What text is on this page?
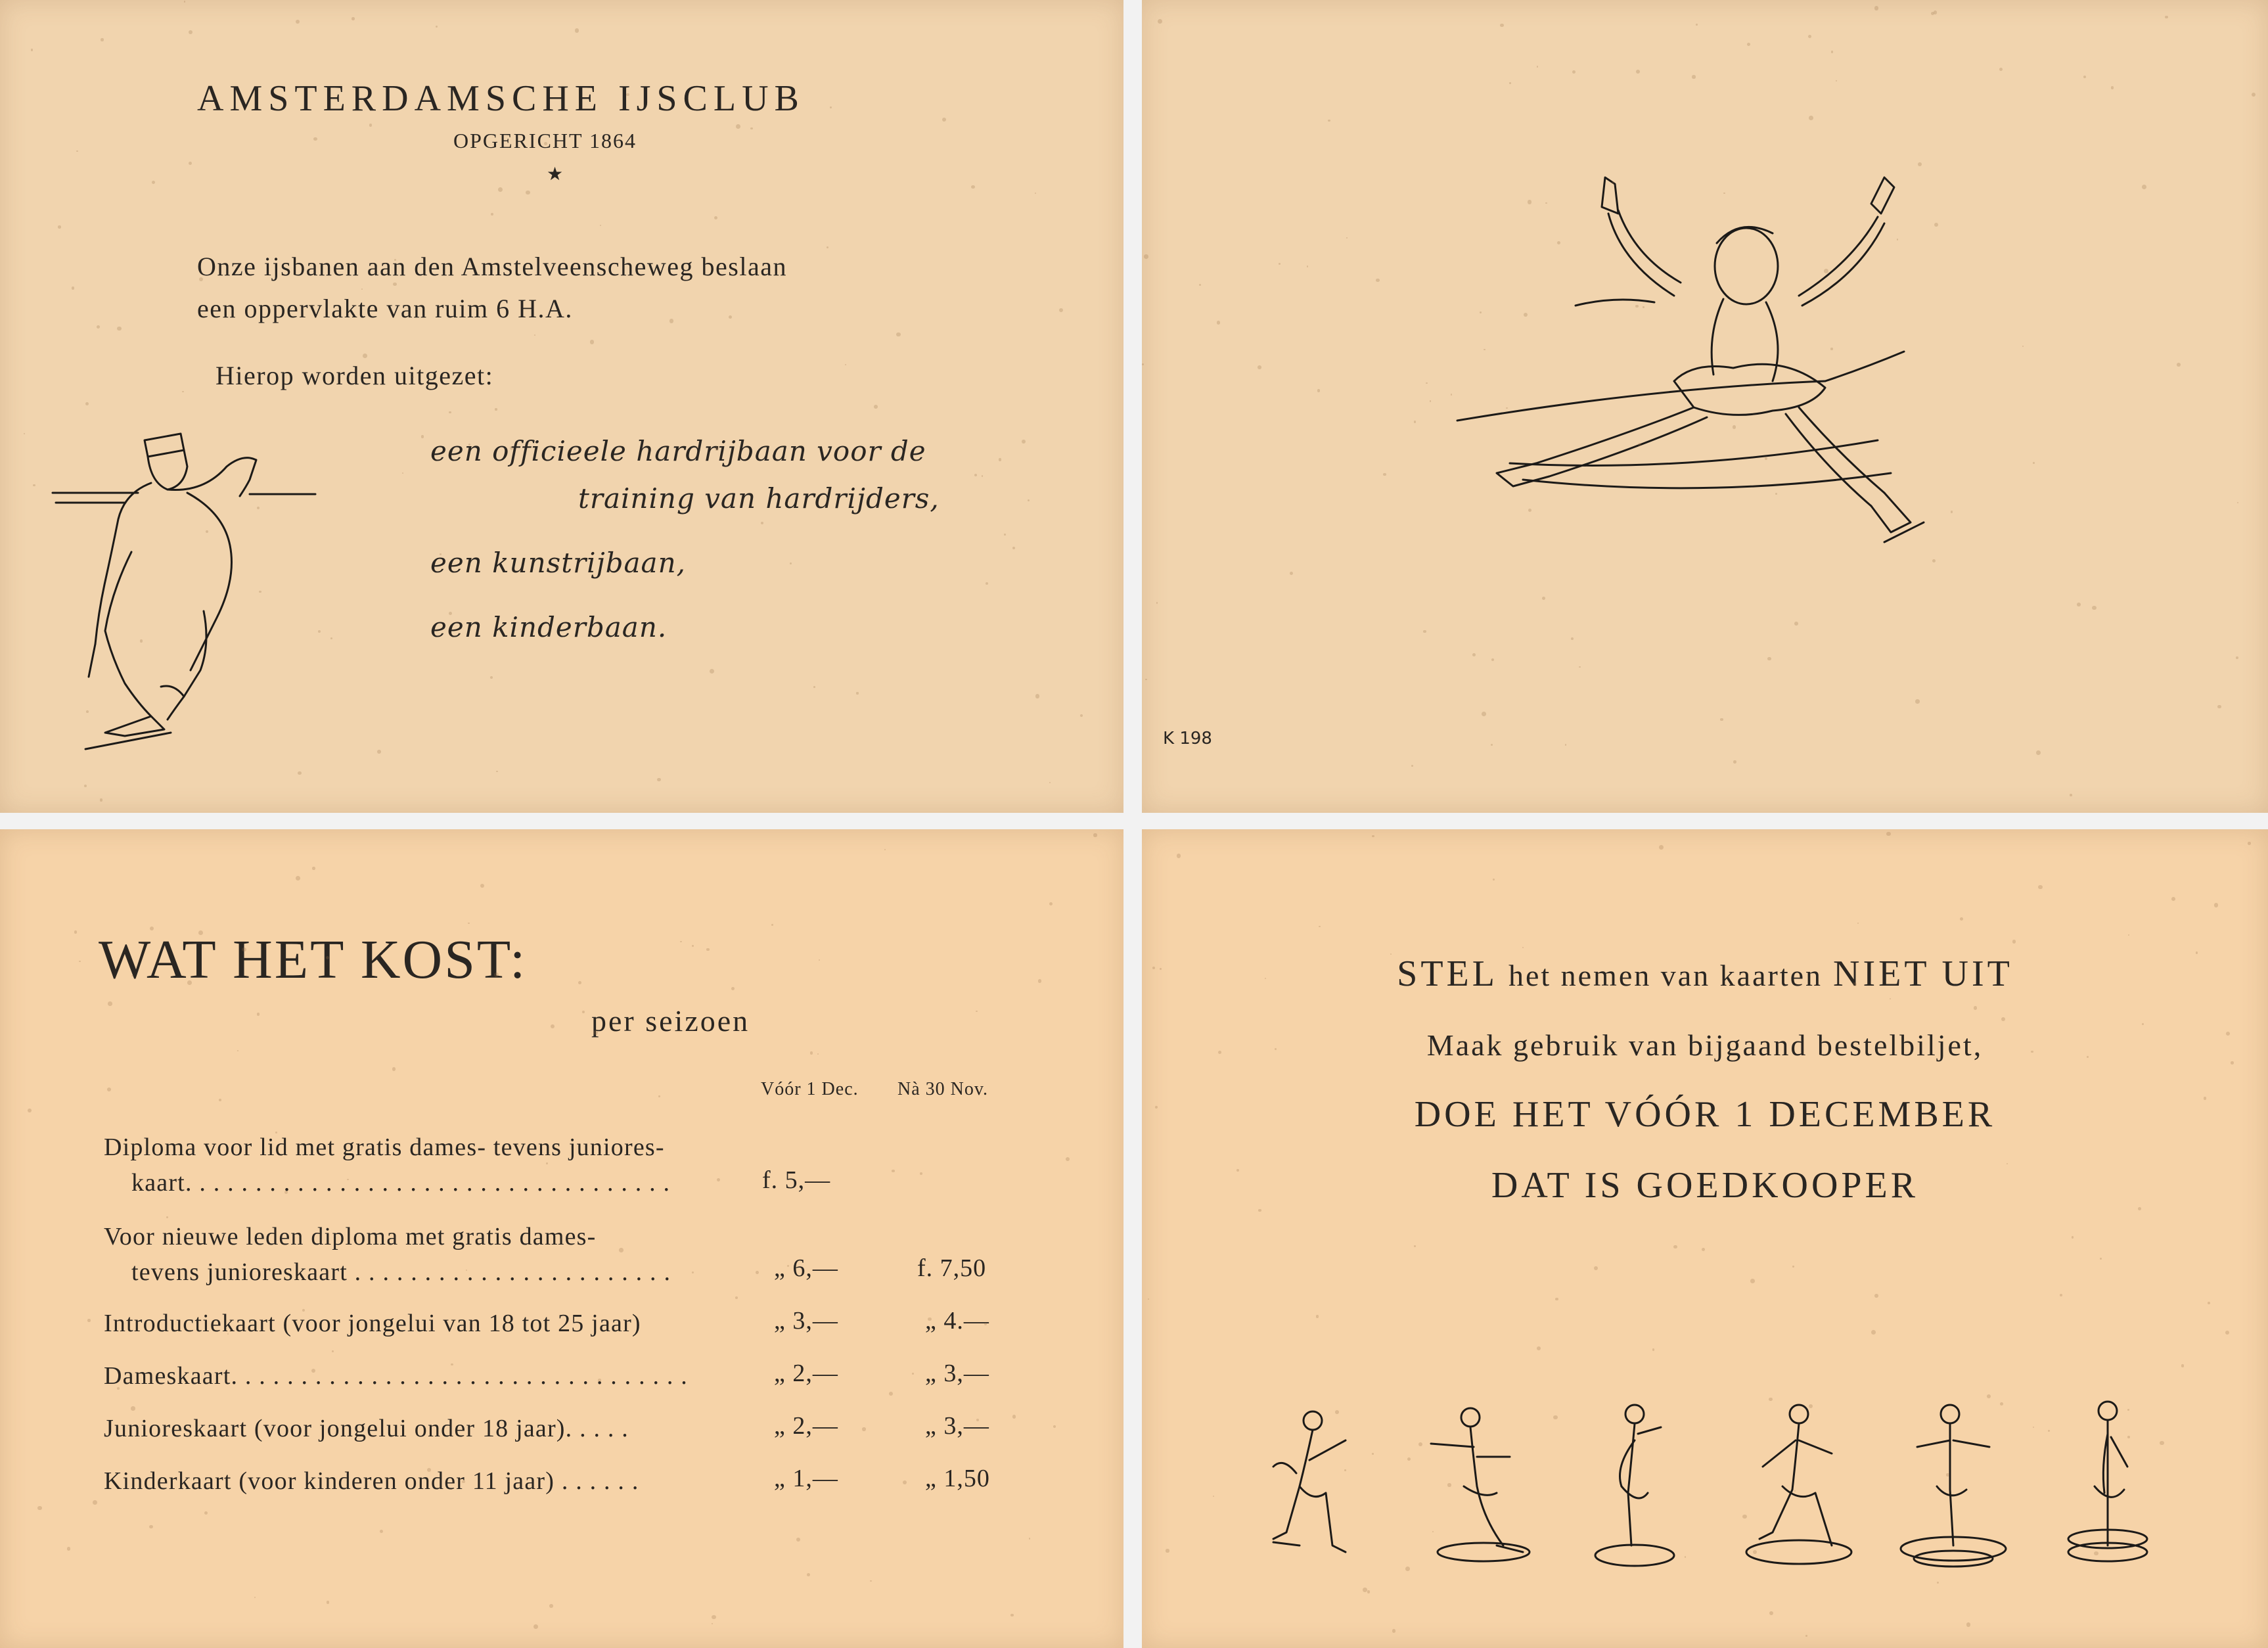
AMSTERDAMSCHE IJSCLUB
OPGERICHT 1864
★
Onze ijsbanen aan den Amstelveenscheweg beslaan
een oppervlakte van ruim 6 H.A.
Hierop worden uitgezet:
een officieele hardrijbaan voor de
training van hardrijders,
een kunstrijbaan,
een kinderbaan.
K 198
WAT HET KOST:
per seizoen
Vóór 1 Dec. Nà 30 Nov.
Diploma voor lid met gratis dames- tevens juniores-
kaart. . . . . . . . . . . . . . . . . . . . . . . . . . . . . . . . . . .	f. 5,—
Voor nieuwe leden diploma met gratis dames-
tevens junioreskaart . . . . . . . . . . . . . . . . . . . . . . .	„ 6,—	f. 7,50
Introductiekaart (voor jongelui van 18 tot 25 jaar)	„ 3,—	„ 4.—
Dameskaart. . . . . . . . . . . . . . . . . . . . . . . . . . . . . . . . .	„ 2,—	„ 3,—
Junioreskaart (voor jongelui onder 18 jaar). . . . .	„ 2,—	„ 3,—
Kinderkaart (voor kinderen onder 11 jaar) . . . . . .	„ 1,—	„ 1,50
STEL het nemen van kaarten NIET UIT
Maak gebruik van bijgaand bestelbiljet,
DOE HET VÓÓR 1 DECEMBER
DAT IS GOEDKOOPER
